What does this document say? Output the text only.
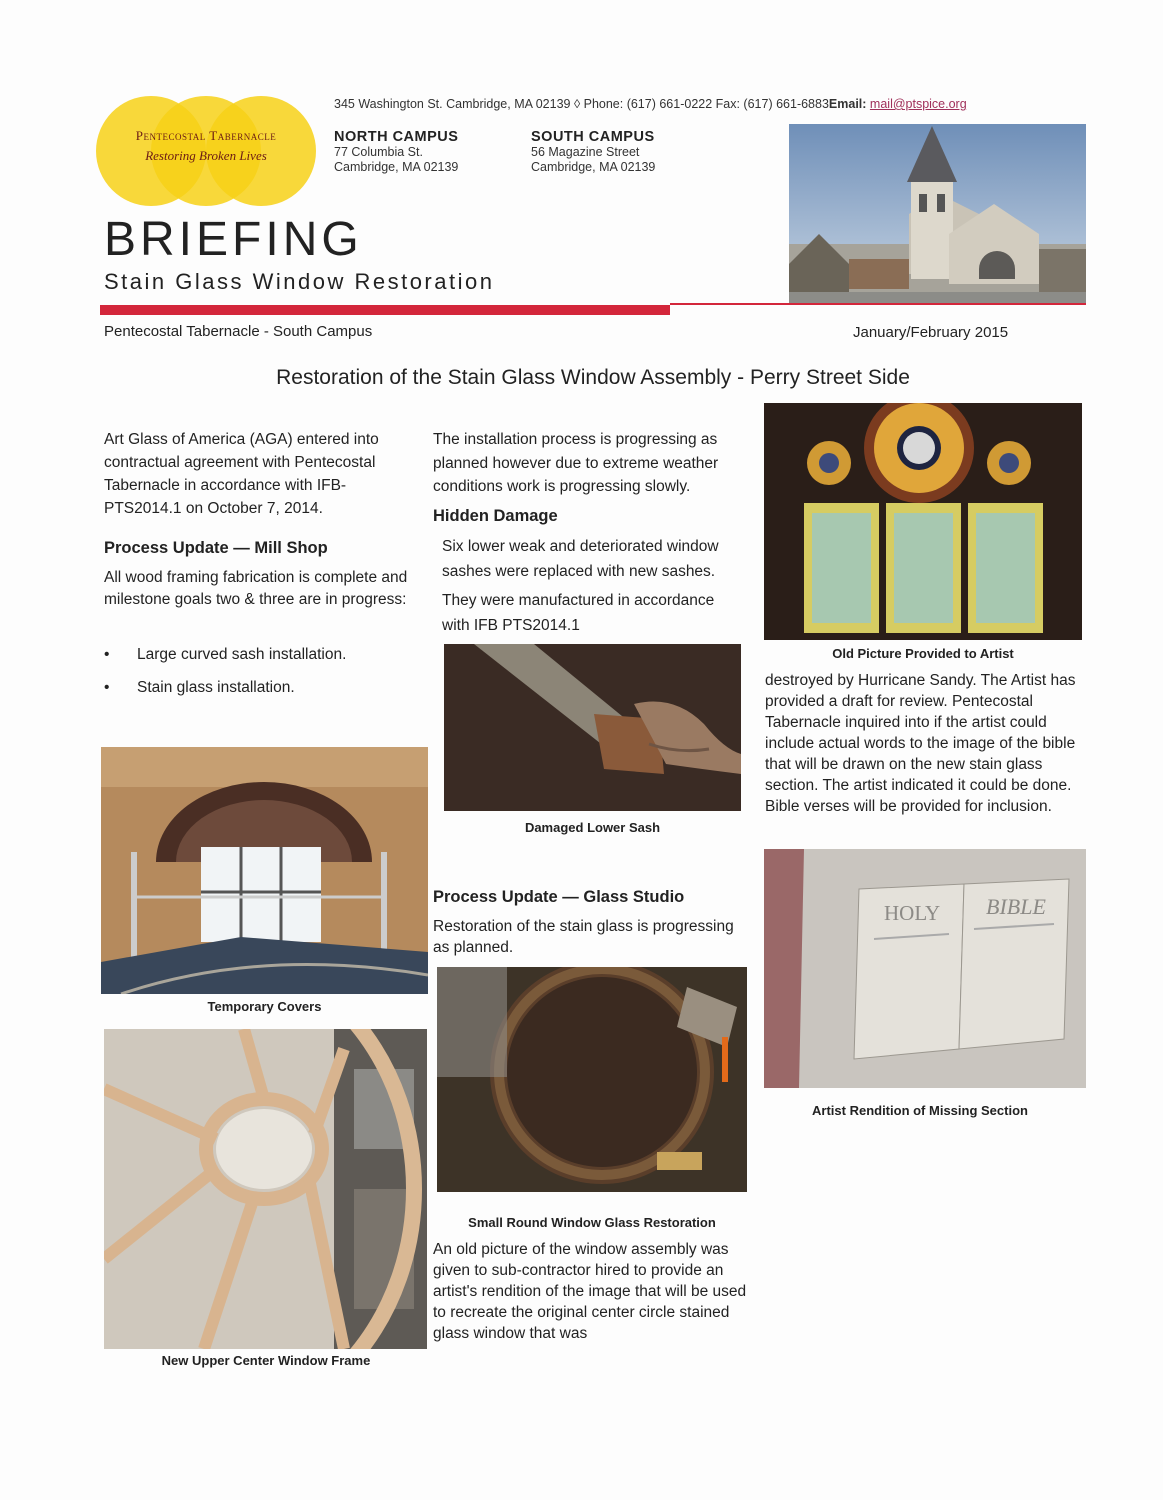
Pentecostal Tabernacle
Restoring Broken Lives
345 Washington St. Cambridge, MA 02139 ◊ Phone: (617) 661-0222 Fax: (617) 661-6883Email: mail@ptspice.org
NORTH CAMPUS
77 Columbia St.
Cambridge, MA 02139
SOUTH CAMPUS
56 Magazine Street
Cambridge, MA 02139
BRIEFING
Stain Glass Window Restoration
Pentecostal Tabernacle - South Campus	January/February 2015
Restoration of the Stain Glass Window Assembly - Perry Street Side
Art Glass of America (AGA) entered into contractual agreement with Pentecostal Tabernacle in accordance with IFB-PTS2014.1 on October 7, 2014.
Process Update — Mill Shop
All wood framing fabrication is complete and milestone goals two & three are in progress:
• Large curved sash installation.
• Stain glass installation.
Temporary Covers
New Upper Center Window Frame
The installation process is progressing as planned however due to extreme weather conditions work is progressing slowly.
Hidden Damage
Six lower weak and deteriorated window sashes were replaced with new sashes.
They were manufactured in accordance with IFB PTS2014.1
Damaged Lower Sash
Process Update — Glass Studio
Restoration of the stain glass is progressing as planned.
Small Round Window Glass Restoration
An old picture of the window assembly was given to sub-contractor hired to provide an artist's rendition of the image that will be used to recreate the original center circle stained glass window that was
Old Picture Provided to Artist
destroyed by Hurricane Sandy. The Artist has provided a draft for review. Pentecostal Tabernacle inquired into if the artist could include actual words to the image of the bible that will be drawn on the new stain glass section. The artist indicated it could be done. Bible verses will be provided for inclusion.
HOLY BIBLE
Artist Rendition of Missing Section
